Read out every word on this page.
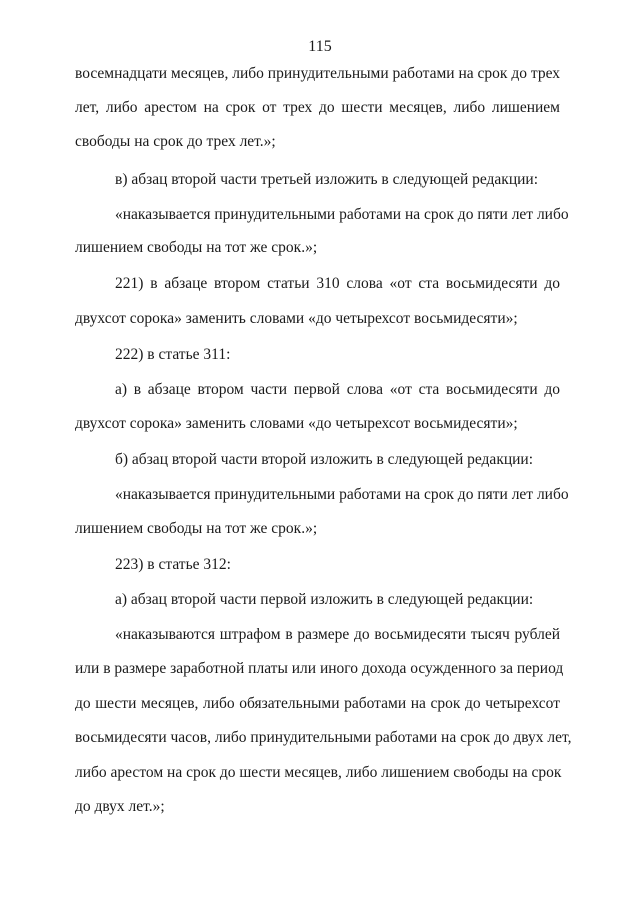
115
восемнадцати месяцев, либо принудительными работами на срок до трех
лет, либо арестом на срок от трех до шести месяцев, либо лишением
свободы на срок до трех лет.»;
в) абзац второй части третьей изложить в следующей редакции:
«наказывается принудительными работами на срок до пяти лет либо
лишением свободы на тот же срок.»;
221) в абзаце втором статьи 310 слова «от ста восьмидесяти до
двухсот сорока» заменить словами «до четырехсот восьмидесяти»;
222) в статье 311:
а) в абзаце втором части первой слова «от ста восьмидесяти до
двухсот сорока» заменить словами «до четырехсот восьмидесяти»;
б) абзац второй части второй изложить в следующей редакции:
«наказывается принудительными работами на срок до пяти лет либо
лишением свободы на тот же срок.»;
223) в статье 312:
а) абзац второй части первой изложить в следующей редакции:
«наказываются штрафом в размере до восьмидесяти тысяч рублей
или в размере заработной платы или иного дохода осужденного за период
до шести месяцев, либо обязательными работами на срок до четырехсот
восьмидесяти часов, либо принудительными работами на срок до двух лет,
либо арестом на срок до шести месяцев, либо лишением свободы на срок
до двух лет.»;
